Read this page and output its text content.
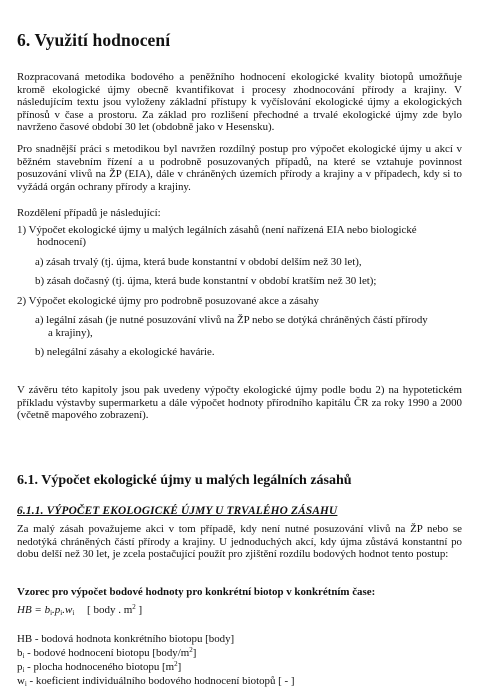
6. Využití hodnocení

Rozpracovaná metodika bodového a peněžního hodnocení ekologické kvality biotopů umožňuje kromě ekologické újmy obecně kvantifikovat i procesy zhodnocování přírody a krajiny. V následujícím textu jsou vyloženy základní přístupy k vyčíslování ekologické újmy a ekologických přínosů v čase a prostoru. Za základ pro rozlišení přechodné a trvalé ekologické újmy zde bylo navrženo časové období 30 let (obdobně jako v Hesensku).

Pro snadnější práci s metodikou byl navržen rozdílný postup pro výpočet ekologické újmy u akcí v běžném stavebním řízení a u podrobně posuzovaných případů, na které se vztahuje povinnost posuzování vlivů na ŽP (EIA), dále v chráněných územích přírody a krajiny a v případech, kdy si to vyžádá orgán ochrany přírody a krajiny.

Rozdělení případů je následující:

1) Výpočet ekologické újmy u malých legálních zásahů (není nařízená EIA nebo biologické

hodnocení)

a) zásah trvalý (tj. újma, která bude konstantní v období delším než 30 let),

b) zásah dočasný (tj. újma, která bude konstantní v období kratším než 30 let);

2) Výpočet ekologické újmy pro podrobně posuzované akce a zásahy

a) legální zásah (je nutné posuzování vlivů na ŽP nebo se dotýká chráněných částí přírody

a krajiny),

b) nelegální zásahy a ekologické havárie.

V závěru této kapitoly jsou pak uvedeny výpočty ekologické újmy podle bodu 2) na hypotetickém příkladu výstavby supermarketu a dále výpočet hodnoty přírodního kapitálu ČR za roky 1990 a 2000 (včetně mapového zobrazení).

6.1. Výpočet ekologické újmy u malých legálních zásahů
6.1.1. VÝPOČET EKOLOGICKÉ ÚJMY U TRVALÉHO ZÁSAHU

Za malý zásah považujeme akci v tom případě, kdy není nutné posuzování vlivů na ŽP nebo se nedotýká chráněných částí přírody a krajiny. U jednoduchých akcí, kdy újma zůstává konstantní po dobu delší než 30 let, je zcela postačující použít pro zjištění rozdílu bodových hodnot tento postup:

Vzorec pro výpočet bodové hodnoty pro konkrétní biotop v konkrétním čase:

HB = $b_i.p_i.w_i$ [ body . $m^2$ ]

HB - bodová hodnota konkrétního biotopu [body]

$b_i$ - bodové hodnocení biotopu $[body/m^2]$

$p_i$ - plocha hodnoceného biotopu $[m^2]$

$w_i$ - koeficient individuálního bodového hodnocení biotopů [ - ]
